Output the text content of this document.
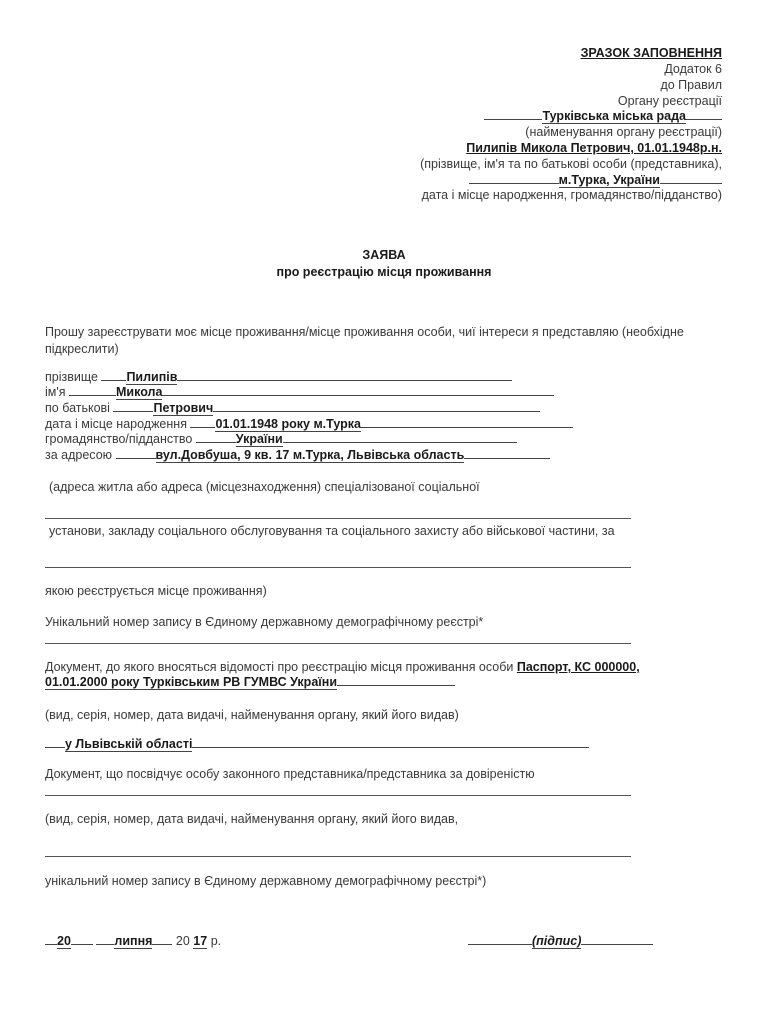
ЗРАЗОК ЗАПОВНЕННЯ
Додаток 6
до Правил
Органу реєстрації
Турківська міська рада
(найменування органу реєстрації)
Пилипів Микола Петрович, 01.01.1948р.н.
(прізвище, ім'я та по батькові особи (представника),
м.Турка, України
дата і місце народження, громадянство/підданство)
ЗАЯВА
про реєстрацію місця проживання
Прошу зареєструвати моє місце проживання/місце проживання особи, чиї інтереси я представляю (необхідне
підкреслити)
прізвище Пилипів
ім'я	Микола
по батькові	Петрович
дата і місце народження 01.01.1948 року м.Турка
громадянство/підданство	України
за адресою	вул.Довбуша, 9 кв. 17 м.Турка, Львівська область
(адреса житла або адреса (місцезнаходження) спеціалізованої соціальної
установи, закладу соціального обслуговування та соціального захисту або військової частини, за
якою реєструється місце проживання)
Унікальний номер запису в Єдиному державному демографічному реєстрі*
Документ, до якого вносяться відомості про реєстрацію місця проживання особи Паспорт, КС 000000,
01.01.2000 року Турківським РВ ГУМВС України
(вид, серія, номер, дата видачі, найменування органу, який його видав)
у Львівській області
Документ, що посвідчує особу законного представника/представника за довіреністю
(вид, серія, номер, дата видачі, найменування органу, який його видав,
унікальний номер запису в Єдиному державному демографічному реєстрі*)
20	липня 20 17 р.	(підпис)
